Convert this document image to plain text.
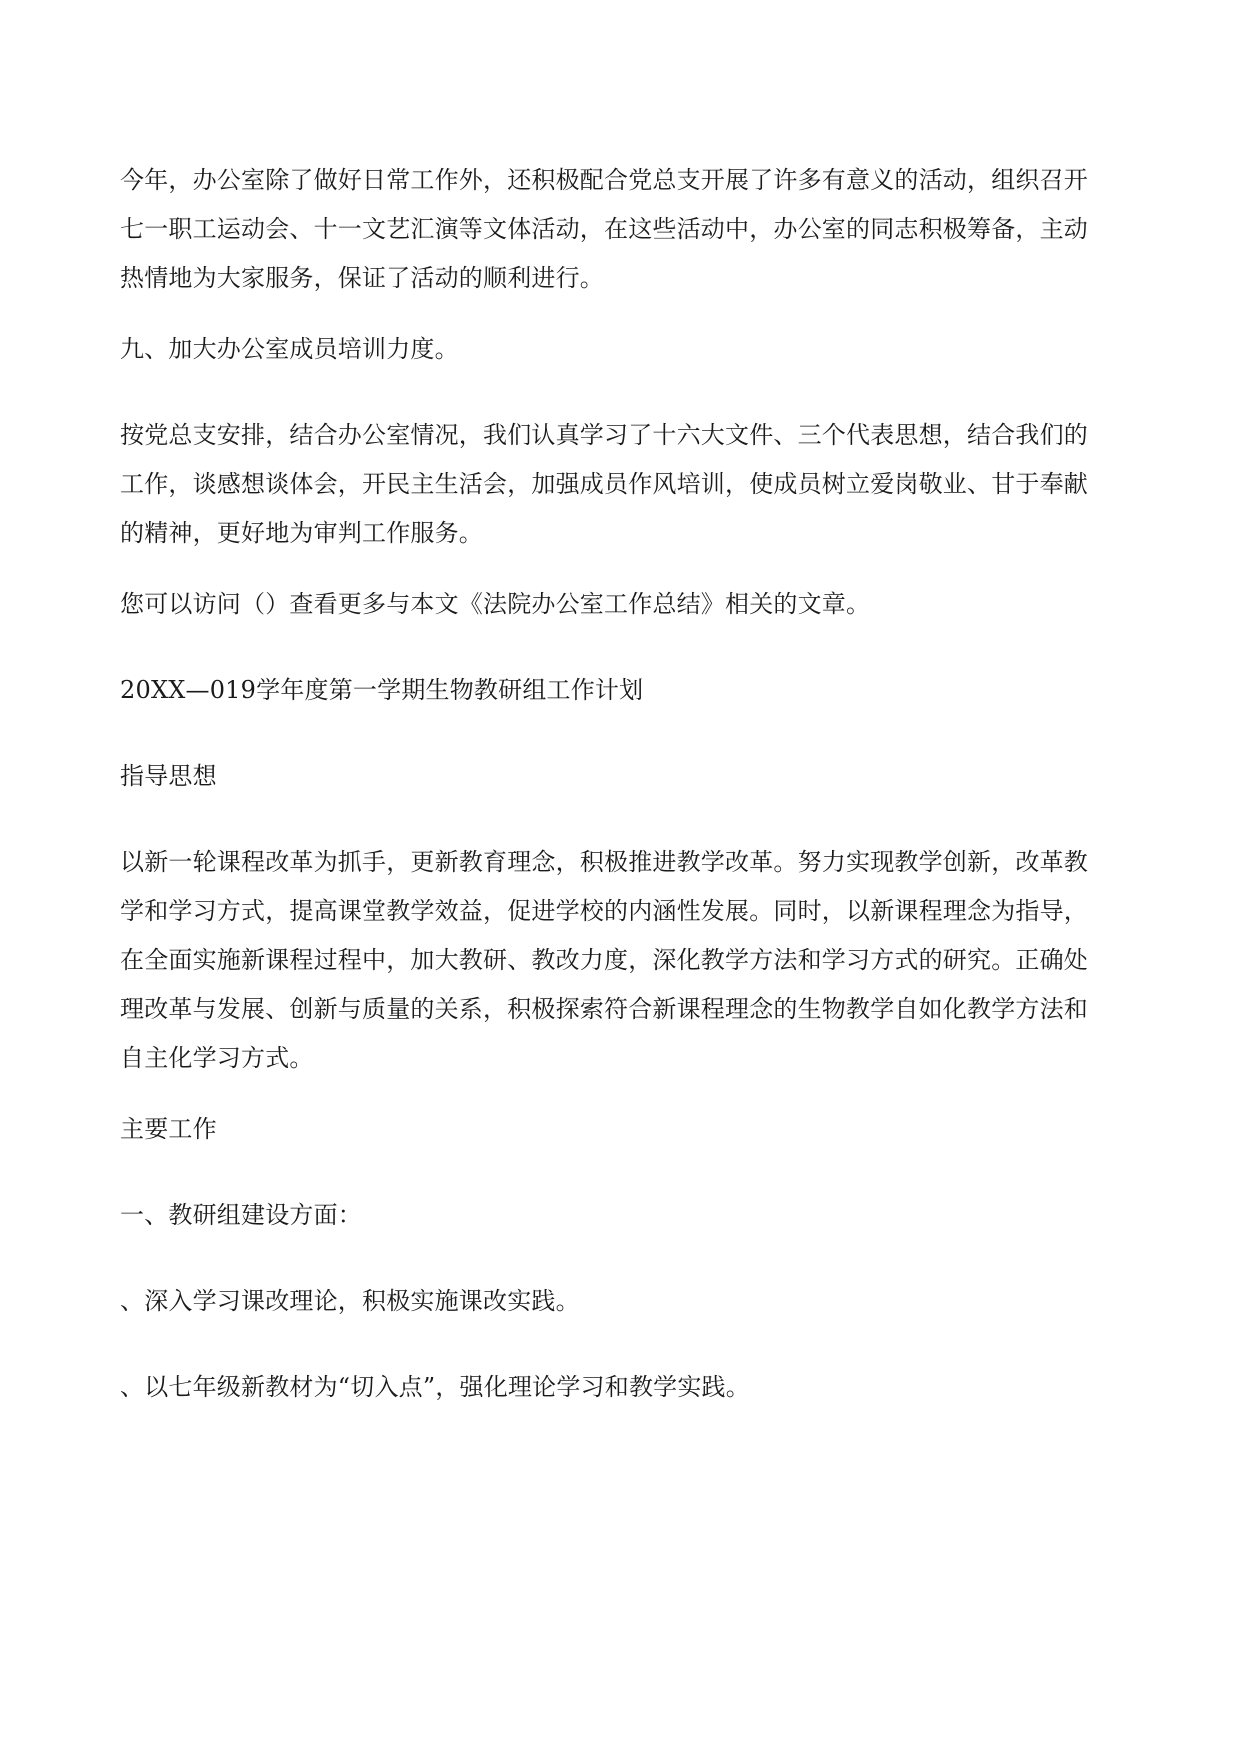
今年，办公室除了做好日常工作外，还积极配合党总支开展了许多有意义的活动，组织召开
七一职工运动会、十一文艺汇演等文体活动，在这些活动中，办公室的同志积极筹备，主动
热情地为大家服务，保证了活动的顺利进行。

九、加大办公室成员培训力度。

按党总支安排，结合办公室情况，我们认真学习了十六大文件、三个代表思想，结合我们的
工作，谈感想谈体会，开民主生活会，加强成员作风培训，使成员树立爱岗敬业、甘于奉献
的精神，更好地为审判工作服务。

您可以访问（）查看更多与本文《法院办公室工作总结》相关的文章。

20XX—019学年度第一学期生物教研组工作计划

指导思想

以新一轮课程改革为抓手，更新教育理念，积极推进教学改革。努力实现教学创新，改革教
学和学习方式，提高课堂教学效益，促进学校的内涵性发展。同时，以新课程理念为指导，
在全面实施新课程过程中，加大教研、教改力度，深化教学方法和学习方式的研究。正确处
理改革与发展、创新与质量的关系，积极探索符合新课程理念的生物教学自如化教学方法和
自主化学习方式。

主要工作

一、教研组建设方面：

、深入学习课改理论，积极实施课改实践。

、以七年级新教材为“切入点”，强化理论学习和教学实践。
